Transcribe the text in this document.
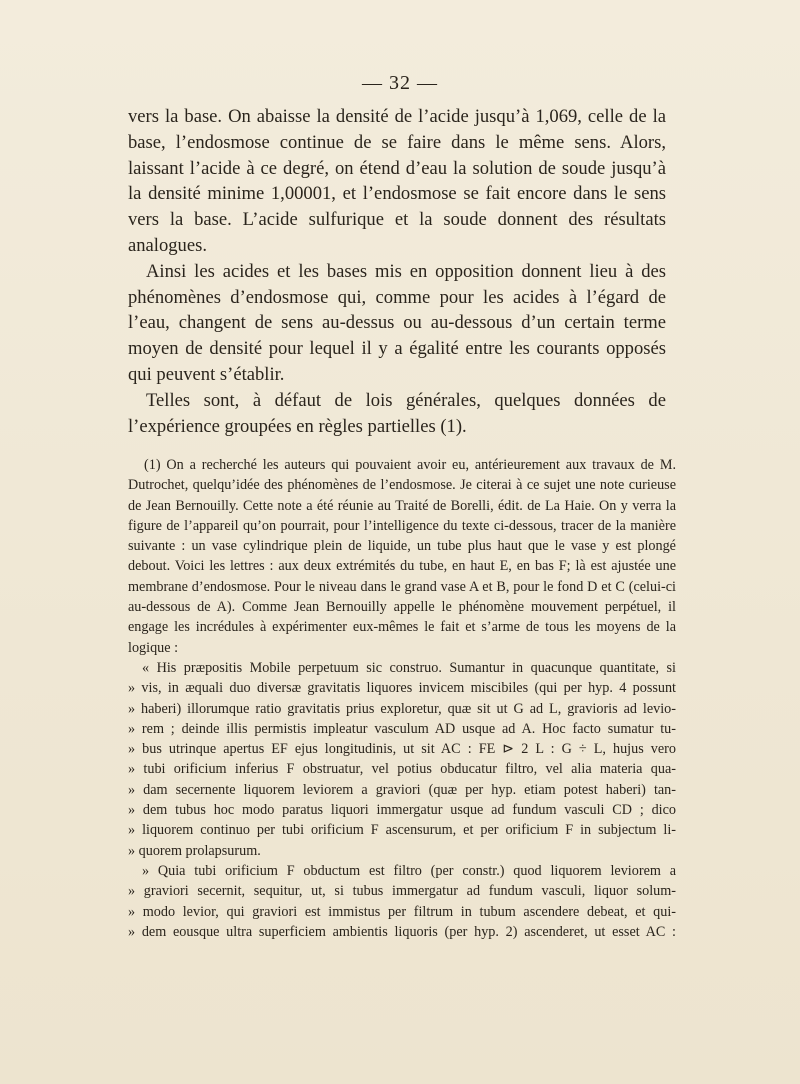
— 32 —

vers la base. On abaisse la densité de l’acide jusqu’à 1,069, celle de la base, l’endosmose continue de se faire dans le même sens. Alors, laissant l’acide à ce degré, on étend d’eau la solution de soude jusqu’à la densité minime 1,00001, et l’endosmose se fait encore dans le sens vers la base. L’acide sulfurique et la soude donnent des résultats analogues.

Ainsi les acides et les bases mis en opposition donnent lieu à des phénomènes d’endosmose qui, comme pour les acides à l’égard de l’eau, changent de sens au-dessus ou au-dessous d’un certain terme moyen de densité pour lequel il y a égalité entre les courants opposés qui peuvent s’établir.

Telles sont, à défaut de lois générales, quelques données de l’expérience groupées en règles partielles (1).

(1) On a recherché les auteurs qui pouvaient avoir eu, antérieurement aux travaux de M. Dutrochet, quelqu’idée des phénomènes de l’endosmose. Je citerai à ce sujet une note curieuse de Jean Bernouilly. Cette note a été réunie au Traité de Borelli, édit. de La Haie. On y verra la figure de l’appareil qu’on pourrait, pour l’intelligence du texte ci-dessous, tracer de la manière suivante : un vase cylindrique plein de liquide, un tube plus haut que le vase y est plongé debout. Voici les lettres : aux deux extrémités du tube, en haut E, en bas F; là est ajustée une membrane d’endosmose. Pour le niveau dans le grand vase A et B, pour le fond D et C (celui-ci au-dessous de A). Comme Jean Bernouilly appelle le phénomène mouvement perpétuel, il engage les incrédules à expérimenter eux-mêmes le fait et s’arme de tous les moyens de la logique :

« His præpositis Mobile perpetuum sic construo. Sumantur in quacunque quantitate, si
» vis, in æquali duo diversæ gravitatis liquores invicem miscibiles (qui per hyp. 4 possunt
» haberi) illorumque ratio gravitatis prius exploretur, quæ sit ut G ad L, gravioris ad levio-
» rem ; deinde illis permistis impleatur vasculum AD usque ad A. Hoc facto sumatur tu-
» bus utrinque apertus EF ejus longitudinis, ut sit AC : FE ⊳ 2 L : G ÷ L, hujus vero
» tubi orificium inferius F obstruatur, vel potius obducatur filtro, vel alia materia qua-
» dam secernente liquorem leviorem a graviori (quæ per hyp. etiam potest haberi) tan-
» dem tubus hoc modo paratus liquori immergatur usque ad fundum vasculi CD ; dico
» liquorem continuo per tubi orificium F ascensurum, et per orificium F in subjectum li-
» quorem prolapsurum.
» Quia tubi orificium F obductum est filtro (per constr.) quod liquorem leviorem a
» graviori secernit, sequitur, ut, si tubus immergatur ad fundum vasculi, liquor solum-
» modo levior, qui graviori est immistus per filtrum in tubum ascendere debeat, et qui-
» dem eousque ultra superficiem ambientis liquoris (per hyp. 2) ascenderet, ut esset AC :
